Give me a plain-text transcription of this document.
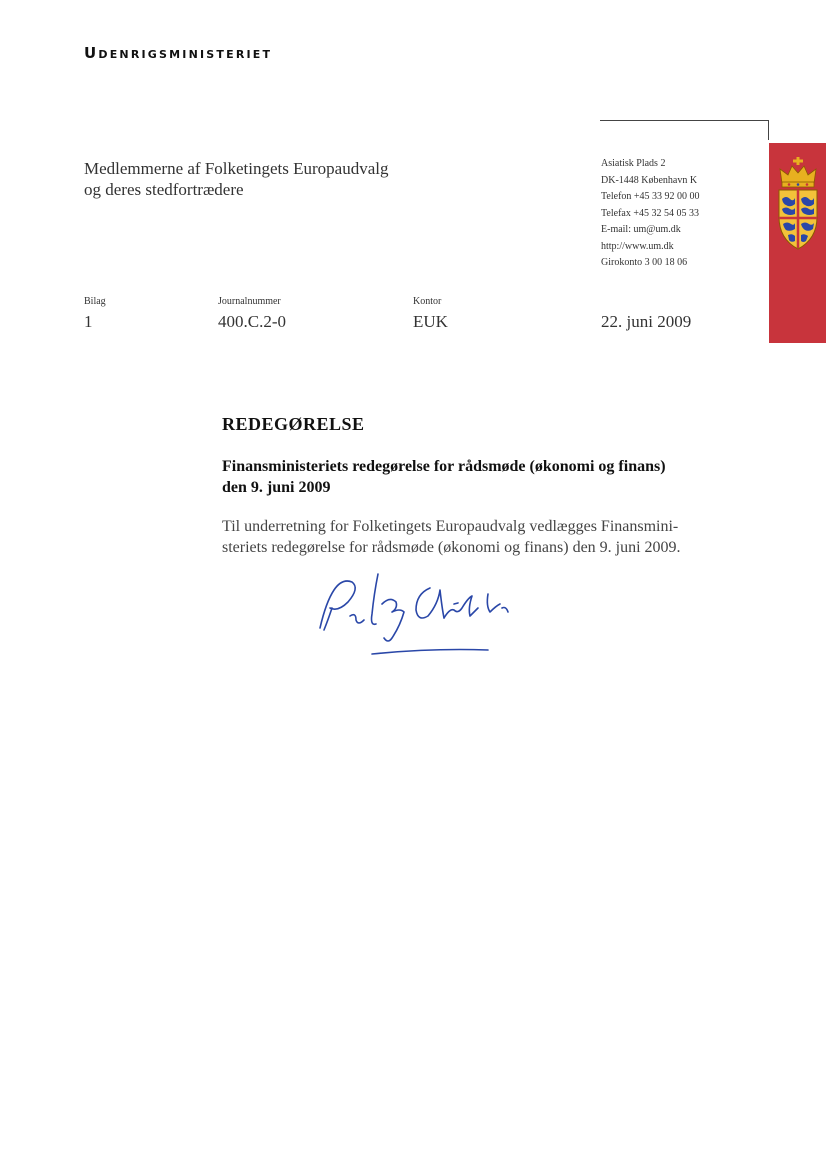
Udenrigsministeriet
Medlemmerne af Folketingets Europaudvalg
og deres stedfortrædere
Asiatisk Plads 2
DK-1448 København K
Telefon +45 33 92 00 00
Telefax +45 32 54 05 33
E-mail: um@um.dk
http://www.um.dk
Girokonto 3 00 18 06
Bilag
1
Journalnummer
400.C.2-0
Kontor
EUK	22. juni 2009
REDEGØRELSE
Finansministeriets redegørelse for rådsmøde (økonomi og finans)
den 9. juni 2009
Til underretning for Folketingets Europaudvalg vedlægges Finansmini-
steriets redegørelse for rådsmøde (økonomi og finans) den 9. juni 2009.
